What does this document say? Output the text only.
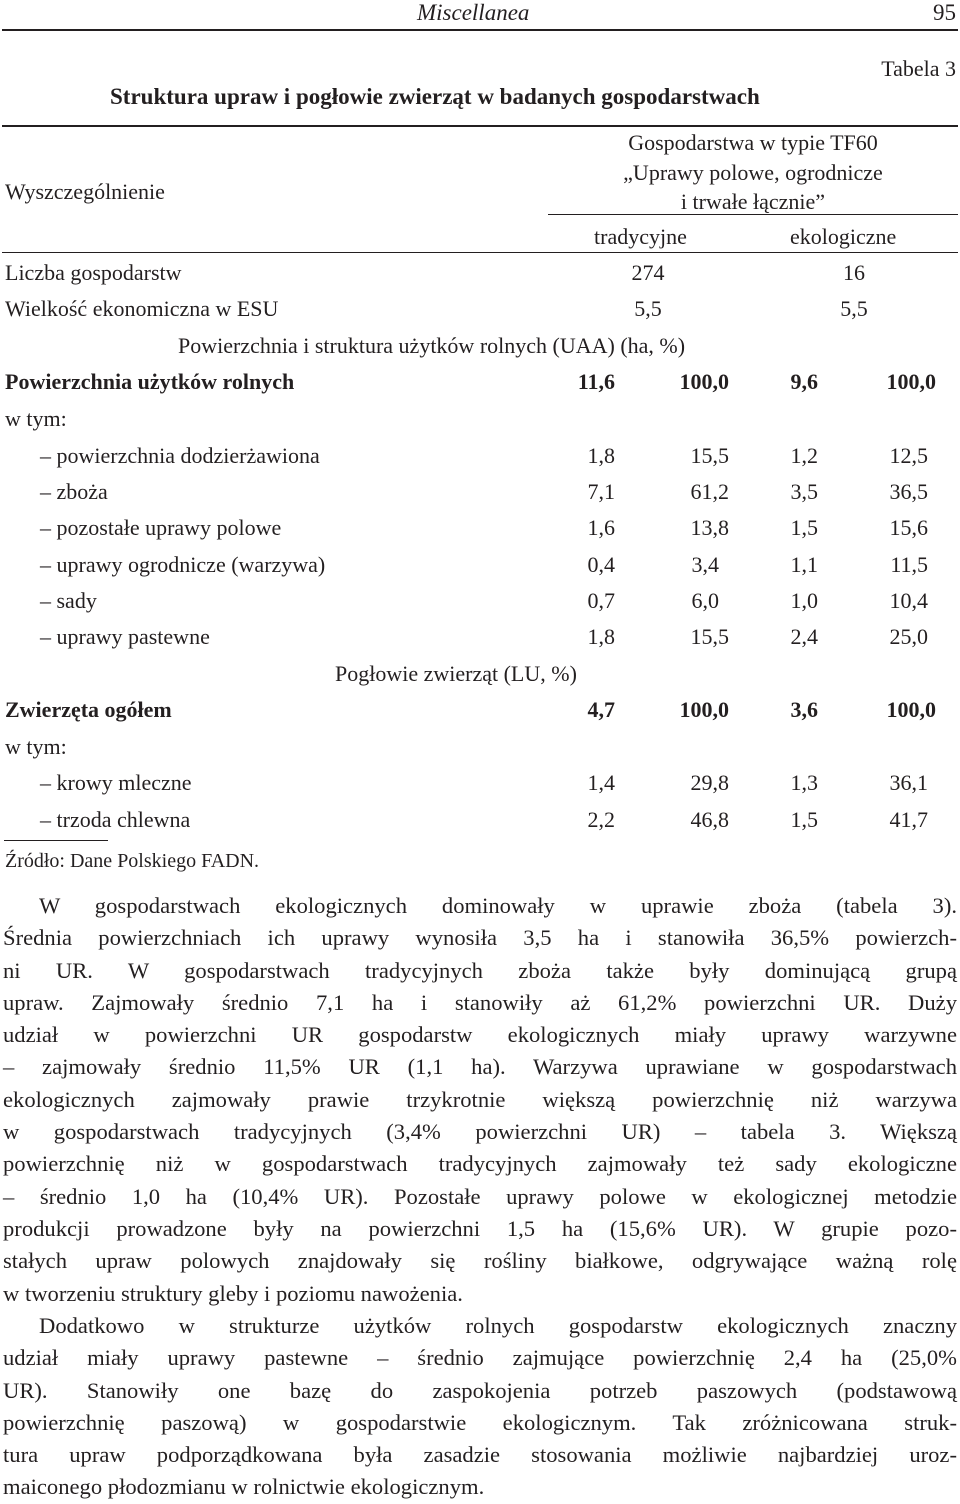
Miscellanea	95
Tabela 3
Struktura upraw i pogłowie zwierząt w badanych gospodarstwach
Wyszczególnienie
Gospodarstwa w typie TF60
„Uprawy polowe, ogrodnicze
i trwałe łącznie”
tradycyjne	ekologiczne
Liczba gospodarstw	274	16
Wielkość ekonomiczna w ESU	5,5	5,5
Powierzchnia i struktura użytków rolnych (UAA) (ha, %)
Powierzchnia użytków rolnych	11,6	100,0	9,6	100,0
w tym:
– powierzchnia dodzierżawiona	1,8	15,5	1,2	12,5
– zboża	7,1	61,2	3,5	36,5
– pozostałe uprawy polowe	1,6	13,8	1,5	15,6
– uprawy ogrodnicze (warzywa)	0,4	3,4	1,1	11,5
– sady	0,7	6,0	1,0	10,4
– uprawy pastewne	1,8	15,5	2,4	25,0
Pogłowie zwierząt (LU, %)
Zwierzęta ogółem	4,7	100,0	3,6	100,0
w tym:
– krowy mleczne	1,4	29,8	1,3	36,1
– trzoda chlewna	2,2	46,8	1,5	41,7
Źródło: Dane Polskiego FADN.
W gospodarstwach ekologicznych dominowały w uprawie zboża (tabela 3).
Średnia powierzchniach ich uprawy wynosiła 3,5 ha i stanowiła 36,5% powierzch-
ni UR. W gospodarstwach tradycyjnych zboża także były dominującą grupą
upraw. Zajmowały średnio 7,1 ha i stanowiły aż 61,2% powierzchni UR. Duży
udział w powierzchni UR gospodarstw ekologicznych miały uprawy warzywne
– zajmowały średnio 11,5% UR (1,1 ha). Warzywa uprawiane w gospodarstwach
ekologicznych zajmowały prawie trzykrotnie większą powierzchnię niż warzywa
w gospodarstwach tradycyjnych (3,4% powierzchni UR) – tabela 3. Większą
powierzchnię niż w gospodarstwach tradycyjnych zajmowały też sady ekologiczne
– średnio 1,0 ha (10,4% UR). Pozostałe uprawy polowe w ekologicznej metodzie
produkcji prowadzone były na powierzchni 1,5 ha (15,6% UR). W grupie pozo-
stałych upraw polowych znajdowały się rośliny białkowe, odgrywające ważną rolę
w tworzeniu struktury gleby i poziomu nawożenia.
Dodatkowo w strukturze użytków rolnych gospodarstw ekologicznych znaczny
udział miały uprawy pastewne – średnio zajmujące powierzchnię 2,4 ha (25,0%
UR). Stanowiły one bazę do zaspokojenia potrzeb paszowych (podstawową
powierzchnię paszową) w gospodarstwie ekologicznym. Tak zróżnicowana struk-
tura upraw podporządkowana była zasadzie stosowania możliwie najbardziej uroz-
maiconego płodozmianu w rolnictwie ekologicznym.
